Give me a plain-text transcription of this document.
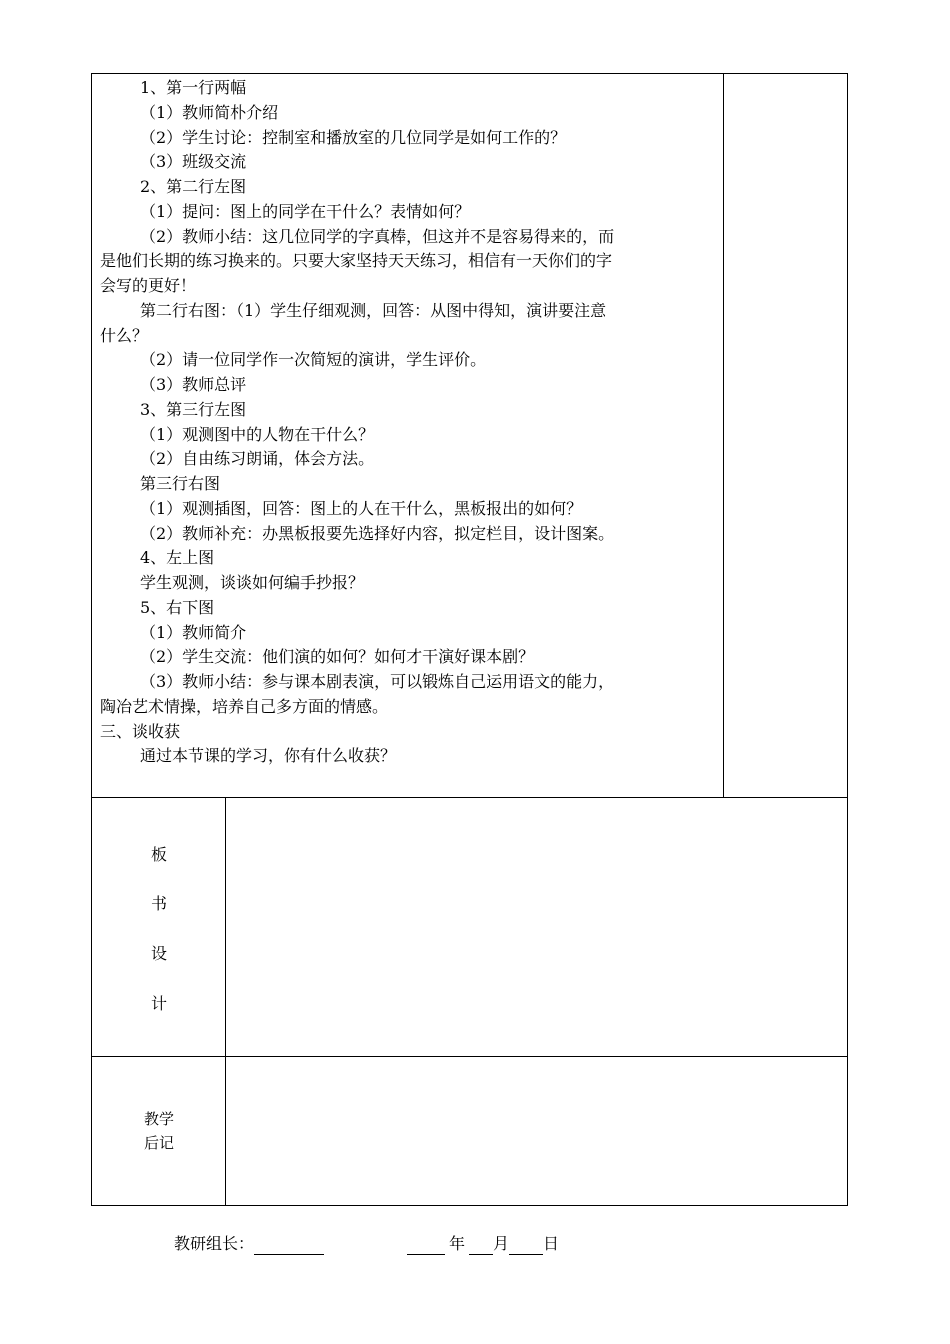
1、第一行两幅

（1）教师简朴介绍

（2）学生讨论：控制室和播放室的几位同学是如何工作的？

（3）班级交流

2、第二行左图

（1）提问：图上的同学在干什么？表情如何？

（2）教师小结：这几位同学的字真棒，但这并不是容易得来的，而

是他们长期的练习换来的。只要大家坚持天天练习，相信有一天你们的字

会写的更好！

第二行右图：（1）学生仔细观测，回答：从图中得知，演讲要注意

什么？

（2）请一位同学作一次简短的演讲，学生评价。

（3）教师总评

3、第三行左图

（1）观测图中的人物在干什么？

（2）自由练习朗诵，体会方法。

第三行右图

（1）观测插图，回答：图上的人在干什么，黑板报出的如何？

（2）教师补充：办黑板报要先选择好内容，拟定栏目，设计图案。

4、左上图

学生观测，谈谈如何编手抄报？

5、右下图

（1）教师简介

（2）学生交流：他们演的如何？如何才干演好课本剧？

（3）教师小结：参与课本剧表演，可以锻炼自己运用语文的能力，

陶冶艺术情操，培养自己多方面的情感。

三、谈收获

通过本节课的学习，你有什么收获？

板
书
设
计
教学
后记
教研组长：	年 月 日
